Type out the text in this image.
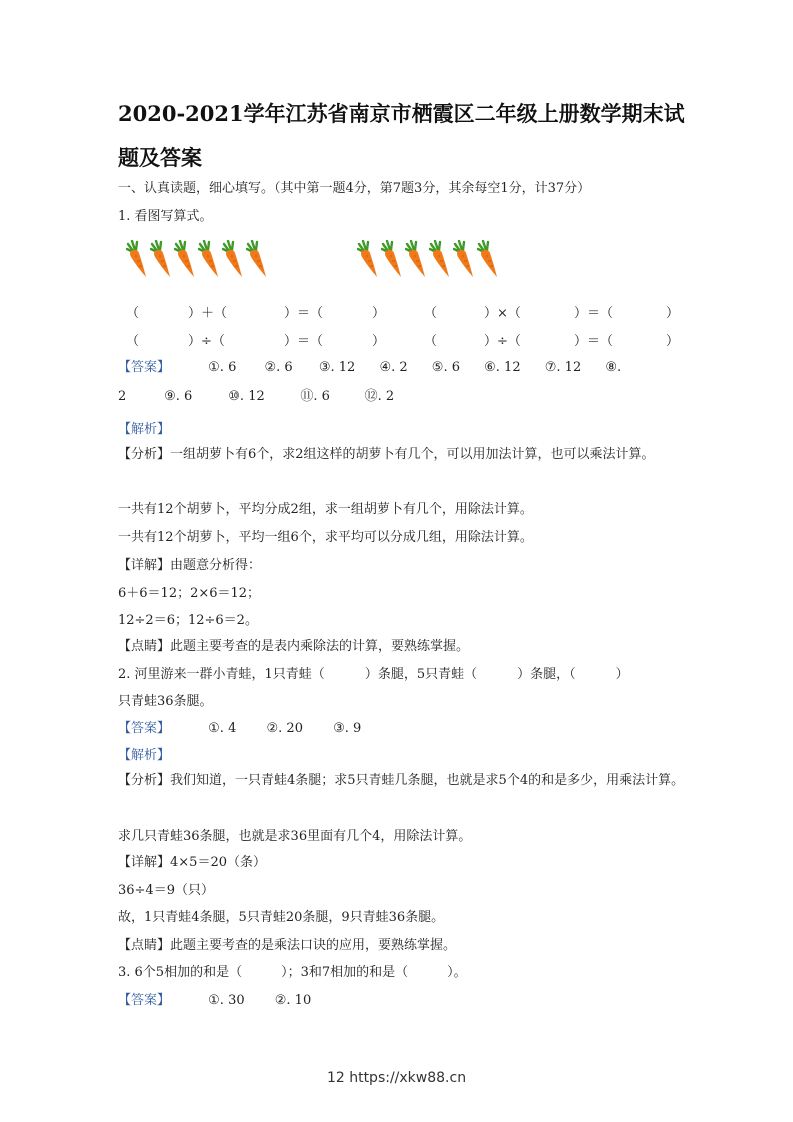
2020-2021学年江苏省南京市栖霞区二年级上册数学期末试题及答案
一、认真读题，细心填写。（其中第一题4分，第7题3分，其余每空1分，计37分）
1. 看图写算式。
（	）＋（	）＝（	）	（	）×（	）＝（	）
（	）÷（	）＝（	）	（	）÷（	）＝（	）
【答案】	①. 6 ②. 6 ③. 12 ④. 2 ⑤. 6 ⑥. 12 ⑦. 12 ⑧.
2	⑨. 6	⑩. 12	⑪. 6	⑫. 2
【解析】
【分析】一组胡萝卜有6个，求2组这样的胡萝卜有几个，可以用加法计算，也可以乘法计算。
一共有12个胡萝卜，平均分成2组，求一组胡萝卜有几个，用除法计算。
一共有12个胡萝卜，平均一组6个，求平均可以分成几组，用除法计算。
【详解】由题意分析得：
6＋6＝12；2×6＝12；
12÷2＝6；12÷6＝2。
【点睛】此题主要考查的是表内乘除法的计算，要熟练掌握。
2. 河里游来一群小青蛙，1只青蛙（	）条腿，5只青蛙（	）条腿，（	）
只青蛙36条腿。
【答案】	①. 4 ②. 20 ③. 9
【解析】
【分析】我们知道，一只青蛙4条腿；求5只青蛙几条腿，也就是求5个4的和是多少，用乘法计算。
求几只青蛙36条腿，也就是求36里面有几个4，用除法计算。
【详解】4×5＝20（条）
36÷4＝9（只）
故，1只青蛙4条腿，5只青蛙20条腿，9只青蛙36条腿。
【点睛】此题主要考查的是乘法口诀的应用，要熟练掌握。
3. 6个5相加的和是（　　　）；3和7相加的和是（　　　）。
【答案】	①. 30 ②. 10
12 https://xkw88.cn
